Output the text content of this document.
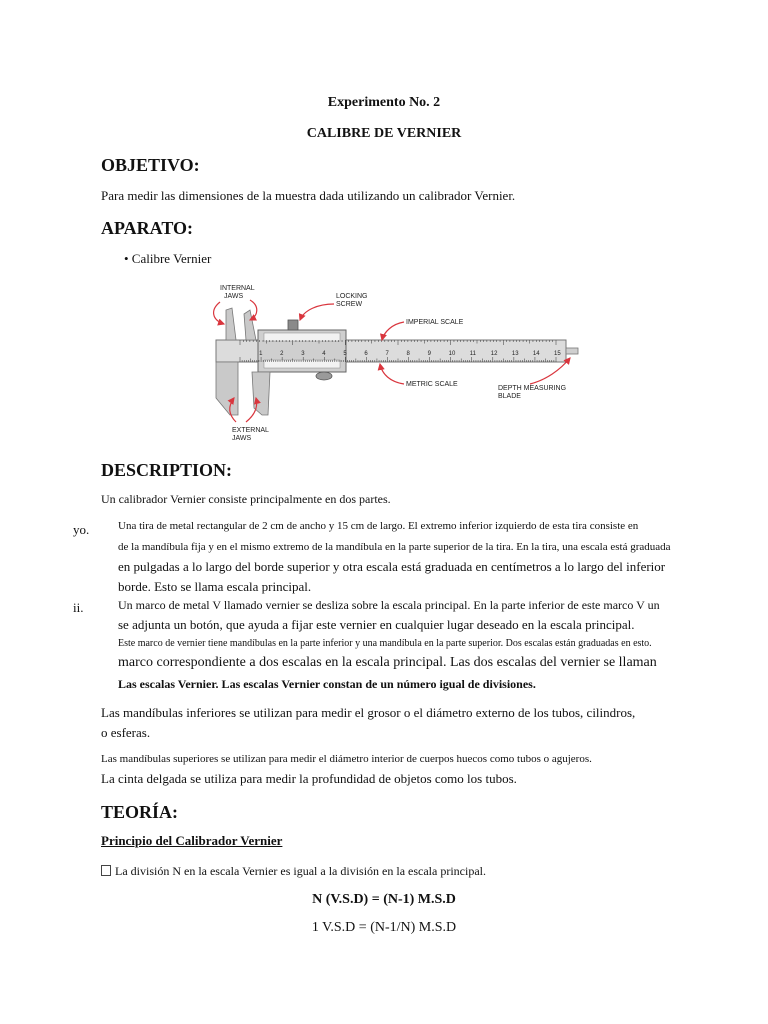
Experimento No. 2
CALIBRE DE VERNIER
OBJETIVO:
Para medir las dimensiones de la muestra dada utilizando un calibrador Vernier.
APARATO:
• Calibre Vernier
1	2	3	4	5	6	7	8	9	10 11 12 13 14 15
INTERNAL
JAWS	LOCKING
SCREW
IMPERIAL SCALE
METRIC SCALE
DEPTH MEASURING
BLADE
EXTERNAL
JAWS
DESCRIPTION:
Un calibrador Vernier consiste principalmente en dos partes.
yo.	Una tira de metal rectangular de 2 cm de ancho y 15 cm de largo. El extremo inferior izquierdo de esta tira consiste en
de la mandíbula fija y en el mismo extremo de la mandíbula en la parte superior de la tira. En la tira, una escala está graduada
en pulgadas a lo largo del borde superior y otra escala está graduada en centímetros a lo largo del inferior
borde. Esto se llama escala principal.
ii.	Un marco de metal V llamado vernier se desliza sobre la escala principal. En la parte inferior de este marco V un
se adjunta un botón, que ayuda a fijar este vernier en cualquier lugar deseado en la escala principal.
Este marco de vernier tiene mandíbulas en la parte inferior y una mandíbula en la parte superior. Dos escalas están graduadas en esto.
marco correspondiente a dos escalas en la escala principal. Las dos escalas del vernier se llaman
Las escalas Vernier. Las escalas Vernier constan de un número igual de divisiones.
Las mandíbulas inferiores se utilizan para medir el grosor o el diámetro externo de los tubos, cilindros,
o esferas.
Las mandíbulas superiores se utilizan para medir el diámetro interior de cuerpos huecos como tubos o agujeros.
La cinta delgada se utiliza para medir la profundidad de objetos como los tubos.
TEORÍA:
Principio del Calibrador Vernier
La división N en la escala Vernier es igual a la división en la escala principal.
N (V.S.D) = (N-1) M.S.D
1 V.S.D = (N-1/N) M.S.D
